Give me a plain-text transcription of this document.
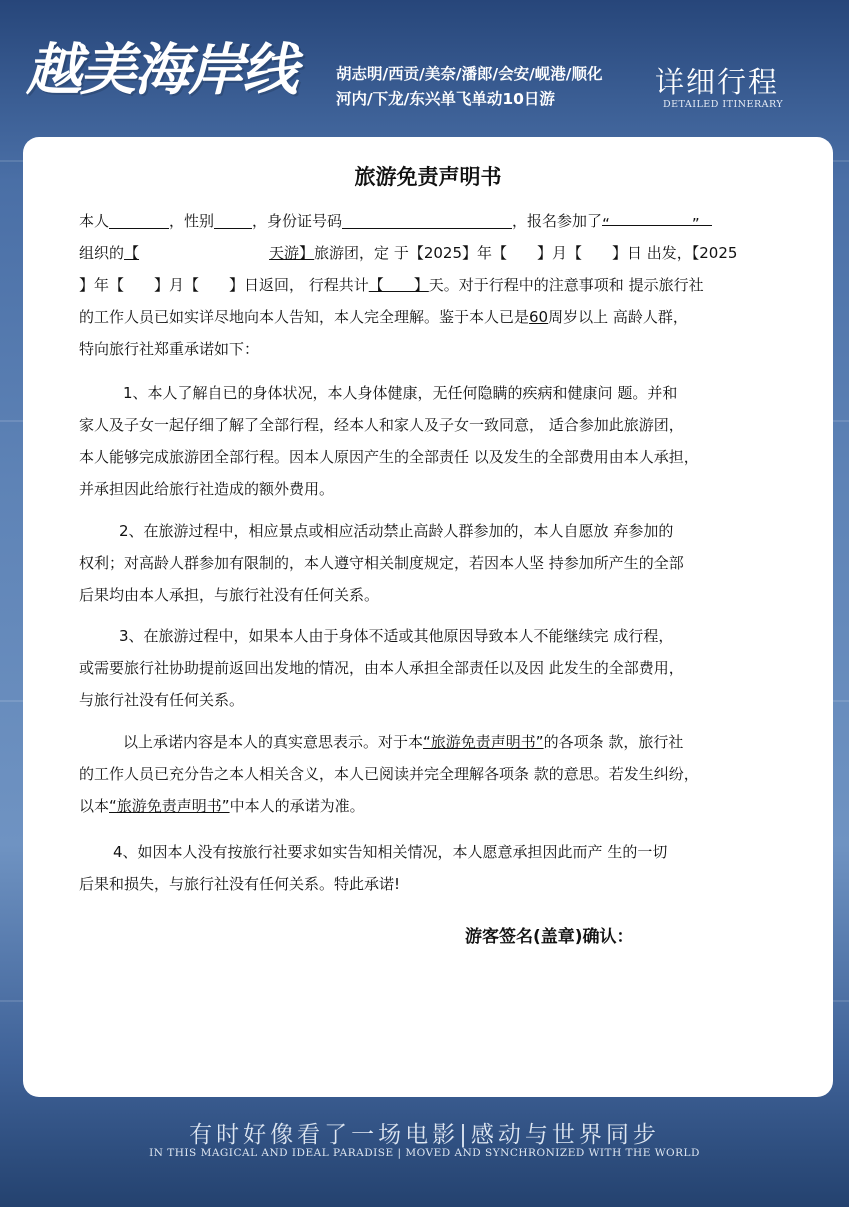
越美海岸线	胡志明/西贡/美奈/潘郎/会安/岘港/顺化
河内/下龙/东兴单飞单动10日游	详细行程
DETAILED ITINERARY
旅游免责声明书
本人	，性别	，身份证号码	，报名参加了“	”
组织的【	天游】旅游团，定 于【2025】年【　　】月【　　】日 出发，【2025
】年【　　】月【　　】日返回， 行程共计【　　】天。对于行程中的注意事项和 提示旅行社
的工作人员已如实详尽地向本人告知，本人完全理解。鉴于本人已是60周岁以上 高龄人群，
特向旅行社郑重承诺如下：
1、本人了解自已的身体状况，本人身体健康，无任何隐瞒的疾病和健康问 题。并和
家人及子女一起仔细了解了全部行程，经本人和家人及子女一致同意， 适合参加此旅游团，
本人能够完成旅游团全部行程。因本人原因产生的全部责任 以及发生的全部费用由本人承担，
并承担因此给旅行社造成的额外费用。
2、在旅游过程中，相应景点或相应活动禁止高龄人群参加的，本人自愿放 弃参加的
权利；对高龄人群参加有限制的，本人遵守相关制度规定，若因本人坚 持参加所产生的全部
后果均由本人承担，与旅行社没有任何关系。
3、在旅游过程中，如果本人由于身体不适或其他原因导致本人不能继续完 成行程，
或需要旅行社协助提前返回出发地的情况，由本人承担全部责任以及因 此发生的全部费用，
与旅行社没有任何关系。
以上承诺内容是本人的真实意思表示。对于本“旅游免责声明书”的各项条 款，旅行社
的工作人员已充分告之本人相关含义，本人已阅读并完全理解各项条 款的意思。若发生纠纷，
以本“旅游免责声明书”中本人的承诺为准。
4、如因本人没有按旅行社要求如实告知相关情况，本人愿意承担因此而产 生的一切
后果和损失，与旅行社没有任何关系。特此承诺!
游客签名(盖章)确认：
有时好像看了一场电影|感动与世界同步
IN THIS MAGICAL AND IDEAL PARADISE | MOVED AND SYNCHRONIZED WITH THE WORLD
